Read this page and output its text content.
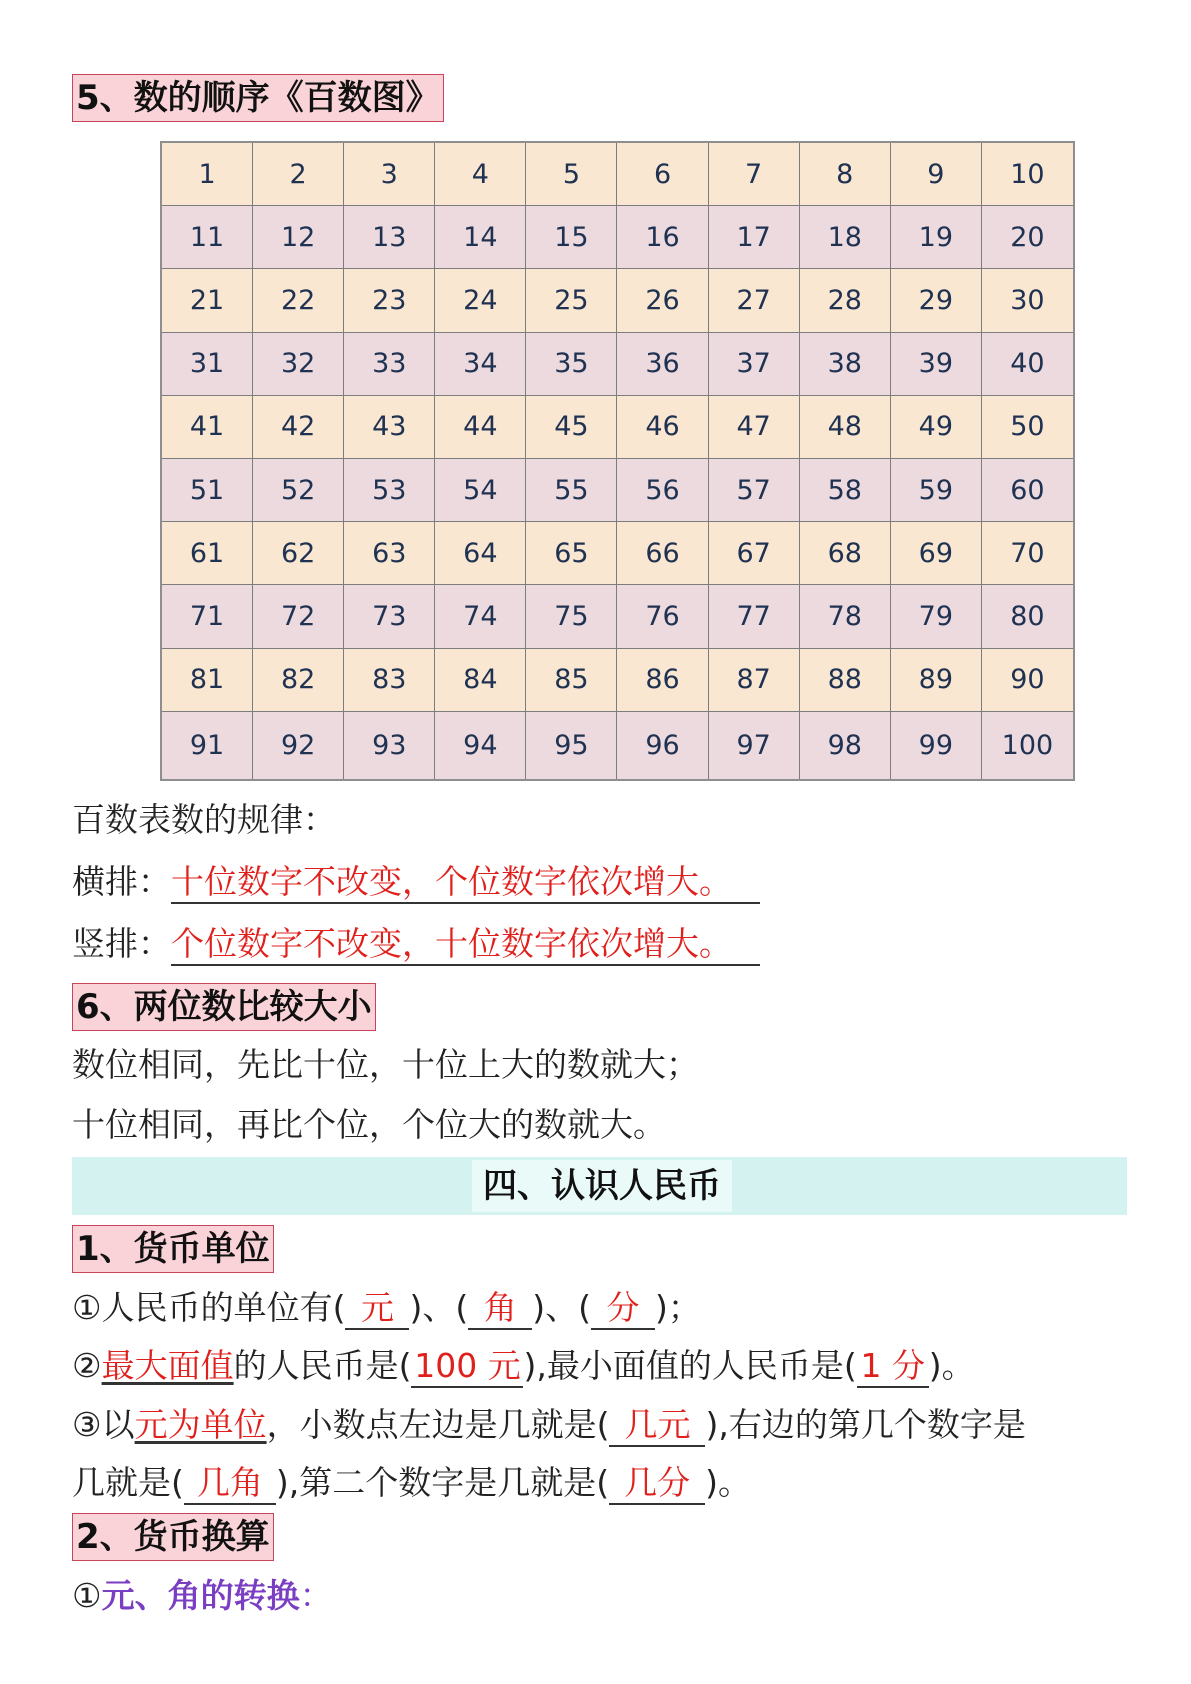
5、数的顺序《百数图》
1	2	3	4	5	6	7	8	9	10
11	12	13	14	15	16	17	18	19	20
21	22	23	24	25	26	27	28	29	30
31	32	33	34	35	36	37	38	39	40
41	42	43	44	45	46	47	48	49	50
51	52	53	54	55	56	57	58	59	60
61	62	63	64	65	66	67	68	69	70
71	72	73	74	75	76	77	78	79	80
81	82	83	84	85	86	87	88	89	90
91	92	93	94	95	96	97	98	99	100
百数表数的规律：
横排：十位数字不改变，个位数字依次增大。
竖排：个位数字不改变，十位数字依次增大。
6、两位数比较大小
数位相同，先比十位，十位上大的数就大；
十位相同，再比个位，个位大的数就大。
四、认识人民币
1、货币单位
①人民币的单位有( 元 )、( 角 )、( 分 )；
②最大面值的人民币是(100 元),最小面值的人民币是( 1 分 )。
③以元为单位，小数点左边是几就是( 几元 ),右边的第几个数字是
几就是( 几角 ),第二个数字是几就是( 几分 )。
2、货币换算
①元、角的转换：
